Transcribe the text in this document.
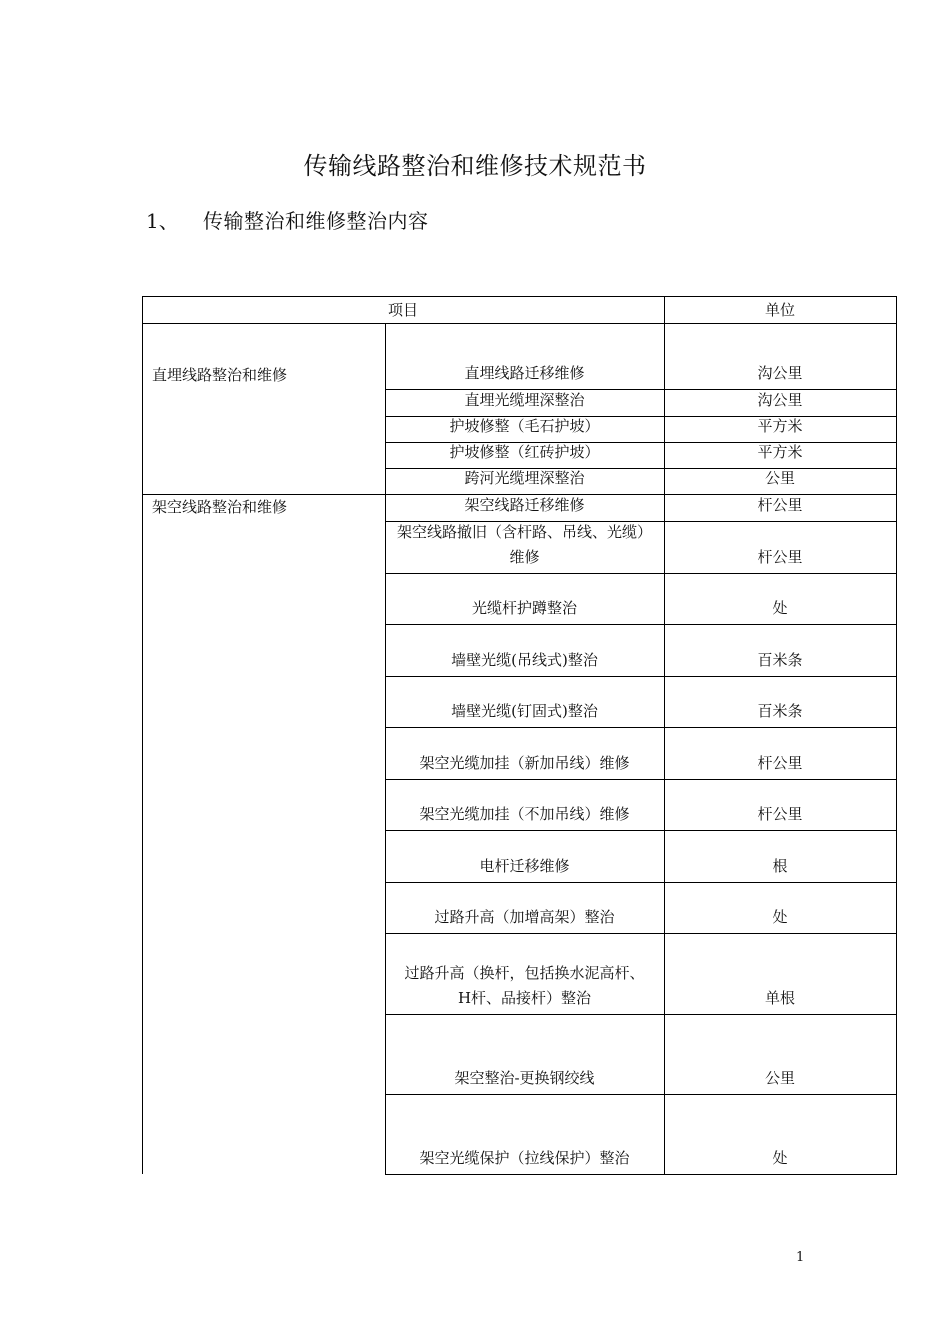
传输线路整治和维修技术规范书
1、 传输整治和维修整治内容
项目	单位
直埋线路整治和维修	直埋线路迁移维修	沟公里
直埋光缆埋深整治	沟公里
护坡修整（毛石护坡）	平方米
护坡修整（红砖护坡）	平方米
跨河光缆埋深整治	公里
架空线路整治和维修	架空线路迁移维修	杆公里
架空线路撤旧（含杆路、吊线、光缆）
维修	杆公里
光缆杆护蹲整治	处
墙壁光缆(吊线式)整治	百米条
墙壁光缆(钉固式)整治	百米条
架空光缆加挂（新加吊线）维修	杆公里
架空光缆加挂（不加吊线）维修	杆公里
电杆迁移维修	根
过路升高（加增高架）整治	处
过路升高（换杆，包括换水泥高杆、
H杆、品接杆）整治	单根
架空整治-更换钢绞线	公里
架空光缆保护（拉线保护）整治	处
1
